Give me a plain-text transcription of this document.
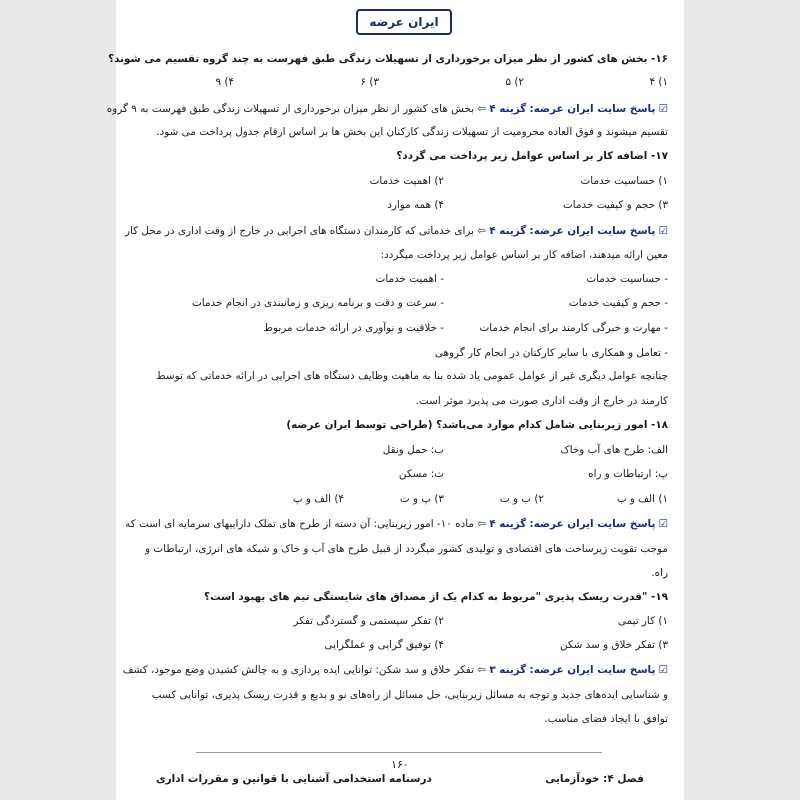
ایران عرضه
۱۶- بخش های کشور از نظر میزان برخورداری از تسهیلات زندگی طبق فهرست به چند گروه تقسیم می شوند؟
۱) ۴
۲) ۵
۳) ۶
۴) ۹
☑ پاسخ سایت ایران عرضه: گزینه ۴ ⇦ بخش های کشور از نظر میزان برخورداری از تسهیلات زندگی طبق فهرست به ۹ گروه
تقسیم میشوند و فوق العاده محرومیت از تسهیلات زندگی کارکنان این بخش ها بر اساس ارقام جدول پرداخت می شود.
۱۷- اضافه کار بر اساس عوامل زیر پرداخت می گردد؟
۱) حساسیت خدمات
۲) اهمیت خدمات
۳) حجم و کیفیت خدمات
۴) همه موارد
☑ پاسخ سایت ایران عرضه: گزینه ۴ ⇦ برای خدماتی که کارمندان دستگاه های اجرایی در خارج از وقت اداری در محل کار
معین ارائه میدهند، اضافه کار بر اساس عوامل زیر پرداخت میگردد:
- حساسیت خدمات
- اهمیت خدمات
- حجم و کیفیت خدمات
- سرعت و دقت و برنامه ریزی و زمانبندی در انجام خدمات
- مهارت و خبرگی کارمند برای انجام خدمات
- خلاقیت و نوآوری در ارائه خدمات مربوط
- تعامل و همکاری با سایر کارکنان در انجام کار گروهی
چنانچه عوامل دیگری غیر از عوامل عمومی یاد شده بنا به ماهیت وظایف دستگاه های اجرایی در ارائه خدماتی که توسط
کارمند در خارج از وقت اداری صورت می پذیرد موثر است.
۱۸- امور زیربنایی شامل کدام موارد می‌باشد؟ (طراحی توسط ایران عرضه)
الف: طرح های آب وخاک
ب: حمل ونقل
پ: ارتباطات و راه
ت: مسکن
۱) الف و ب
۲) ب و ت
۳) پ و ت
۴) الف و پ
☑ پاسخ سایت ایران عرضه: گزینه ۴ ⇦ ماده ۱۰- امور زیربنایی: آن دسته از طرح های تملک داراییهای سرمایه ای است که
موجب تقویت زیرساخت های اقتصادی و تولیدی کشور میگردد از قبیل طرح های آب و خاک و شبکه های انرژی، ارتباطات و
راه.
۱۹- "قدرت ریسک پذیری "مربوط به کدام یک از مصداق های شایستگی تیم های بهبود است؟
۱) کار تیمی
۲) تفکر سیستمی و گستردگی تفکر
۳) تفکر خلاق و سد شکن
۴) توفیق گرایی و عملگرایی
☑ پاسخ سایت ایران عرضه: گزینه ۳ ⇦ تفکر خلاق و سد شکن: توانایی ایده پردازی و به چالش کشیدن وضع موجود، کشف
و شناسایی ایده‌های جدید و توجه به مسائل زیربنایی، حل مسائل از راه‌های نو و بدیع و قدرت ریسک پذیری، توانایی کسب
توافق با ایجاد فضای مناسب.
۱۶۰
فصل ۴: خودآزمایی
درسنامه استخدامی آشنایی با قوانین و مقررات اداری
